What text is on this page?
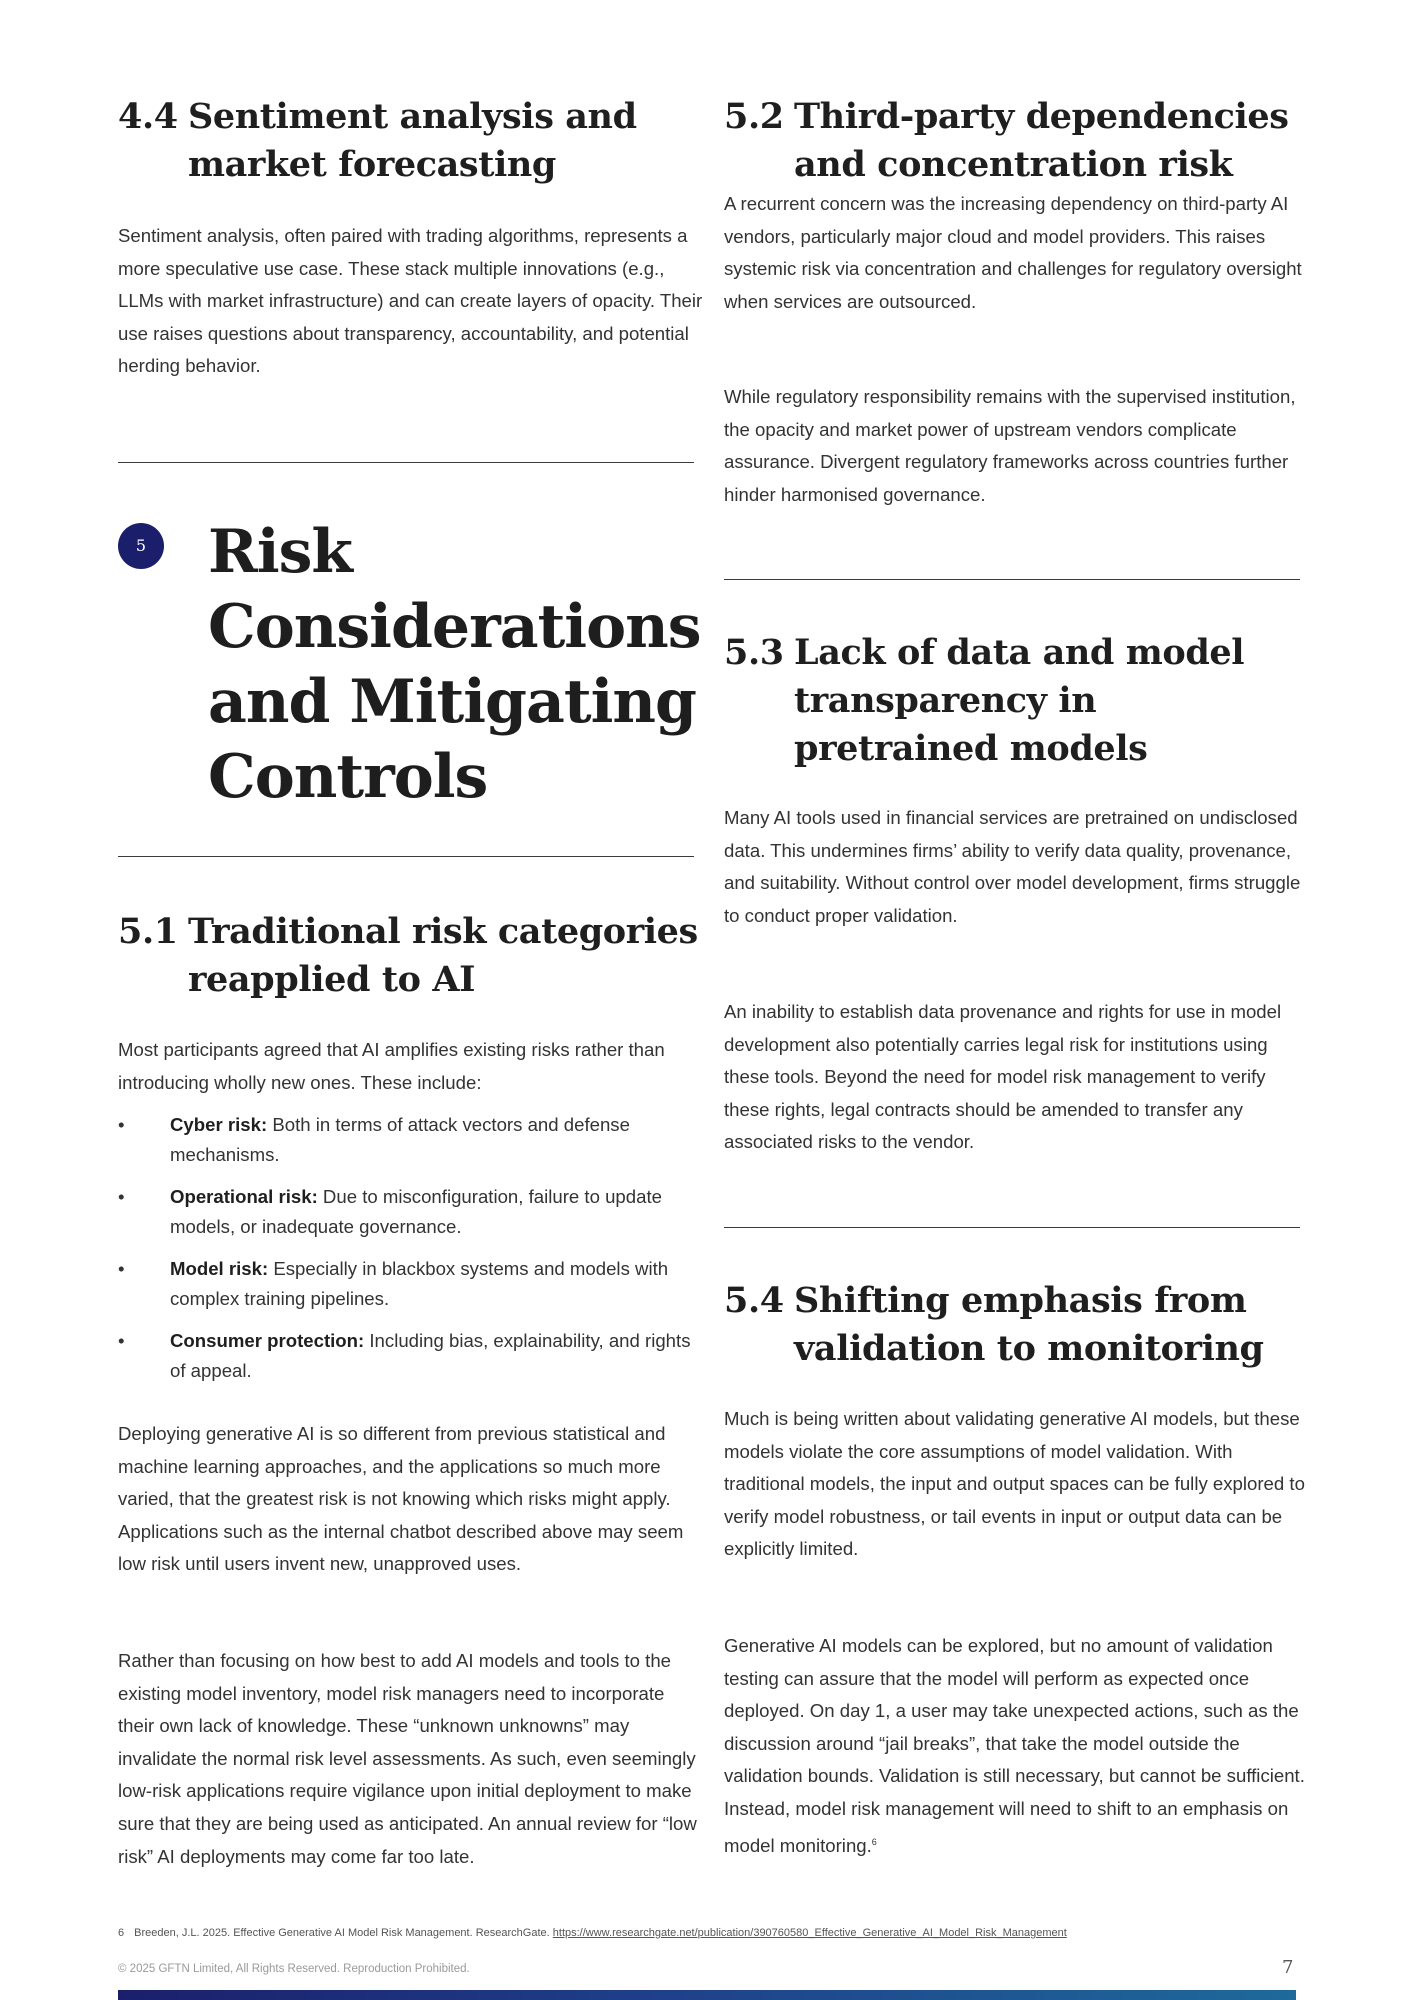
4.4 Sentiment analysis and market forecasting

Sentiment analysis, often paired with trading algorithms, represents a more speculative use case. These stack multiple innovations (e.g., LLMs with market infrastructure) and can create layers of opacity. Their use raises questions about transparency, accountability, and potential herding behavior.

5 Risk Considerations and Mitigating Controls
5.1 Traditional risk categories reapplied to AI

Most participants agreed that AI amplifies existing risks rather than introducing wholly new ones. These include:

• Cyber risk: Both in terms of attack vectors and defense mechanisms.
• Operational risk: Due to misconfiguration, failure to update models, or inadequate governance.
• Model risk: Especially in blackbox systems and models with complex training pipelines.
• Consumer protection: Including bias, explainability, and rights of appeal.

Deploying generative AI is so different from previous statistical and machine learning approaches, and the applications so much more varied, that the greatest risk is not knowing which risks might apply. Applications such as the internal chatbot described above may seem low risk until users invent new, unapproved uses.

Rather than focusing on how best to add AI models and tools to the existing model inventory, model risk managers need to incorporate their own lack of knowledge. These “unknown unknowns” may invalidate the normal risk level assessments. As such, even seemingly low-risk applications require vigilance upon initial deployment to make sure that they are being used as anticipated. An annual review for “low risk” AI deployments may come far too late.

5.2 Third-party dependencies and concentration risk

A recurrent concern was the increasing dependency on third-party AI vendors, particularly major cloud and model providers. This raises systemic risk via concentration and challenges for regulatory oversight when services are outsourced.

While regulatory responsibility remains with the supervised institution, the opacity and market power of upstream vendors complicate assurance. Divergent regulatory frameworks across countries further hinder harmonised governance.

5.3 Lack of data and model transparency in pretrained models

Many AI tools used in financial services are pretrained on undisclosed data. This undermines firms’ ability to verify data quality, provenance, and suitability. Without control over model development, firms struggle to conduct proper validation.

An inability to establish data provenance and rights for use in model development also potentially carries legal risk for institutions using these tools. Beyond the need for model risk management to verify these rights, legal contracts should be amended to transfer any associated risks to the vendor.

5.4 Shifting emphasis from validation to monitoring

Much is being written about validating generative AI models, but these models violate the core assumptions of model validation. With traditional models, the input and output spaces can be fully explored to verify model robustness, or tail events in input or output data can be explicitly limited.

Generative AI models can be explored, but no amount of validation testing can assure that the model will perform as expected once deployed. On day 1, a user may take unexpected actions, such as the discussion around “jail breaks”, that take the model outside the validation bounds. Validation is still necessary, but cannot be sufficient. Instead, model risk management will need to shift to an emphasis on model monitoring.$^6$

6 Breeden, J.L. 2025. Effective Generative AI Model Risk Management. ResearchGate. https://www.researchgate.net/publication/390760580_Effective_Generative_AI_Model_Risk_Management
© 2025 GFTN Limited, All Rights Reserved. Reproduction Prohibited.	7
